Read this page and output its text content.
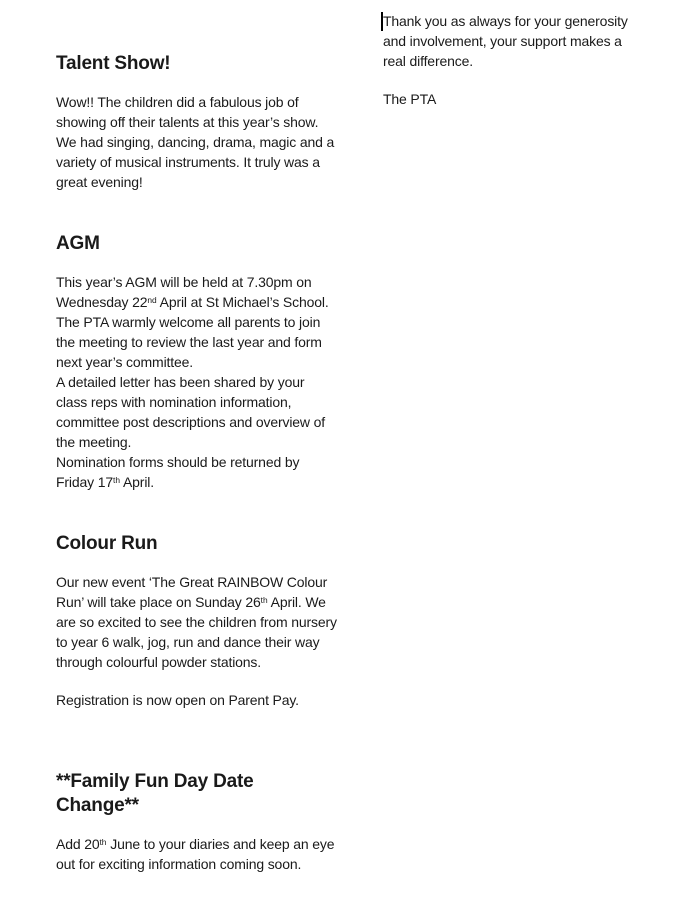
Talent Show!

Wow!! The children did a fabulous job of showing off their talents at this year’s show. We had singing, dancing, drama, magic and a variety of musical instruments. It truly was a great evening!

AGM

This year’s AGM will be held at 7.30pm on Wednesday 22nd April at St Michael’s School.

The PTA warmly welcome all parents to join the meeting to review the last year and form next year’s committee.

A detailed letter has been shared by your class reps with nomination information, committee post descriptions and overview of the meeting.

Nomination forms should be returned by Friday 17th April.

Colour Run

Our new event ‘The Great RAINBOW Colour Run’ will take place on Sunday 26th April. We are so excited to see the children from nursery to year 6 walk, jog, run and dance their way through colourful powder stations.

Registration is now open on Parent Pay.

**Family Fun Day Date Change**

Add 20th June to your diaries and keep an eye out for exciting information coming soon.

Thank you as always for your generosity and involvement, your support makes a real difference.

The PTA
